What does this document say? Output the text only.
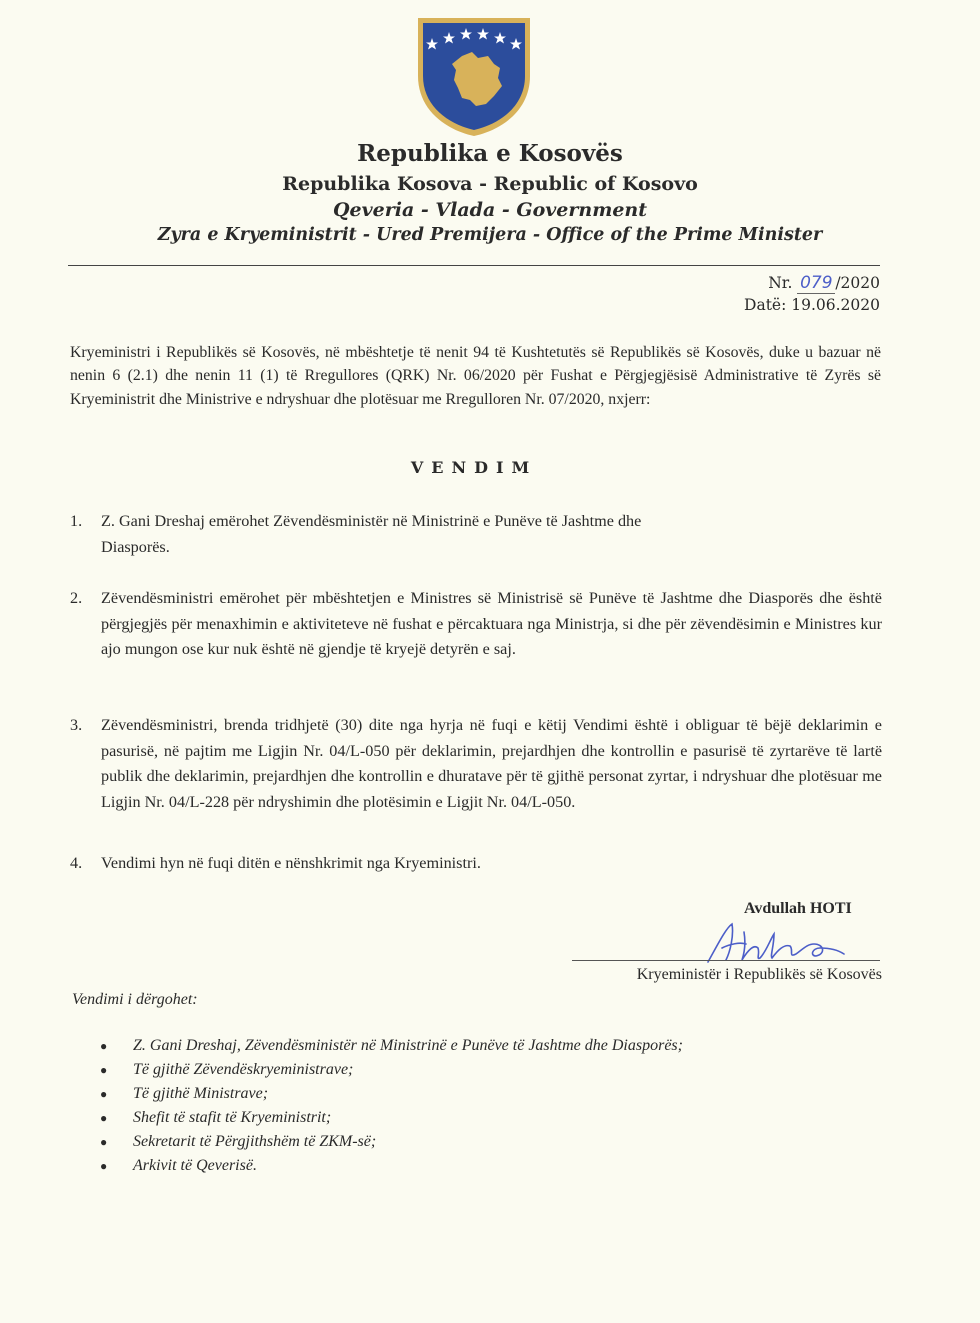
Republika e Kosovës
Republika Kosova - Republic of Kosovo
Qeveria - Vlada - Government
Zyra e Kryeministrit - Ured Premijera - Office of the Prime Minister
Nr. 079 /2020
Datë: 19.06.2020
Kryeministri i Republikës së Kosovës, në mbështetje të nenit 94 të Kushtetutës së Republikës së Kosovës, duke u bazuar në nenin 6 (2.1) dhe nenin 11 (1) të Rregullores (QRK) Nr. 06/2020 për Fushat e Përgjegjësisë Administrative të Zyrës së Kryeministrit dhe Ministrive e ndryshuar dhe plotësuar me Rregulloren Nr. 07/2020, nxjerr:
VENDIM
1.	Z. Gani Dreshaj emërohet Zëvendësministër në Ministrinë e Punëve të Jashtme dhe Diasporës.
2.	Zëvendësministri emërohet për mbështetjen e Ministres së Ministrisë së Punëve të Jashtme dhe Diasporës dhe është përgjegjës për menaxhimin e aktiviteteve në fushat e përcaktuara nga Ministrja, si dhe për zëvendësimin e Ministres kur ajo mungon ose kur nuk është në gjendje të kryejë detyrën e saj.
3.	Zëvendësministri, brenda tridhjetë (30) dite nga hyrja në fuqi e këtij Vendimi është i obliguar të bëjë deklarimin e pasurisë, në pajtim me Ligjin Nr. 04/L-050 për deklarimin, prejardhjen dhe kontrollin e pasurisë të zyrtarëve të lartë publik dhe deklarimin, prejardhjen dhe kontrollin e dhuratave për të gjithë personat zyrtar, i ndryshuar dhe plotësuar me Ligjin Nr. 04/L-228 për ndryshimin dhe plotësimin e Ligjit Nr. 04/L-050.
4.	Vendimi hyn në fuqi ditën e nënshkrimit nga Kryeministri.
Avdullah HOTI
Kryeministër i Republikës së Kosovës
Vendimi i dërgohet:
● Z. Gani Dreshaj, Zëvendësministër në Ministrinë e Punëve të Jashtme dhe Diasporës;
● Të gjithë Zëvendëskryeministrave;
● Të gjithë Ministrave;
● Shefit të stafit të Kryeministrit;
● Sekretarit të Përgjithshëm të ZKM-së;
● Arkivit të Qeverisë.
